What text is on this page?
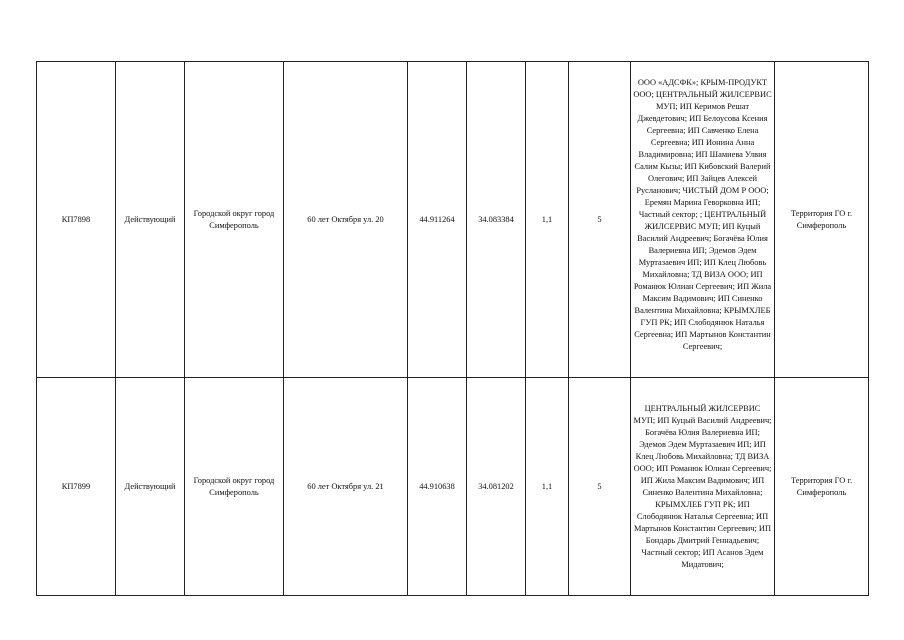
КП7898	Действующий	Городской округ город Симферополь	60 лет Октября ул. 20	44.911264	34.083384	1,1	5	ООО «АДСФК»; КРЫМ-ПРОДУКТ ООО; ЦЕНТРАЛЬНЫЙ ЖИЛСЕРВИС МУП; ИП Керимов Решат Джевдетович; ИП Белоусова Ксения Сергеевна; ИП Савченко Елена Сергеевна; ИП Ионина Анна Владимировна; ИП Шамиева Улвия Салим Кызы; ИП Кибовский Валерий Олегович; ИП Зайцев Алексей Русланович; ЧИСТЫЙ ДОМ Р ООО; Еремян Марина Геворковна ИП; Частный сектор; ; ЦЕНТРАЛЬНЫЙ ЖИЛСЕРВИС МУП; ИП Куцый Василий Андреевич; Богачёва Юлия Валериевна ИП; Эдемов Эдем Муртазаевич ИП; ИП Клец Любовь Михайловна; ТД ВИЗА ООО; ИП Романюк Юлиан Сергеевич; ИП Жила Максим Вадимович; ИП Синенко Валентина Михайловна; КРЫМХЛЕБ ГУП РК; ИП Слободянюк Наталья Сергеевна; ИП Мартынов Константин Сергеевич;	Территория ГО г. Симферополь
КП7899	Действующий	Городской округ город Симферополь	60 лет Октября ул. 21	44.910638	34.081202	1,1	5	ЦЕНТРАЛЬНЫЙ ЖИЛСЕРВИС МУП; ИП Куцый Василий Андреевич; Богачёва Юлия Валериевна ИП; Эдемов Эдем Муртазаевич ИП; ИП Клец Любовь Михайловна; ТД ВИЗА ООО; ИП Романюк Юлиан Сергеевич; ИП Жила Максим Вадимович; ИП Синенко Валентина Михайловна; КРЫМХЛЕБ ГУП РК; ИП Слободянюк Наталья Сергеевна; ИП Мартынов Константин Сергеевич; ИП Бондарь Дмитрий Геннадьевич; Частный сектор; ИП Асанов Эдем Мидатович;	Территория ГО г. Симферополь
